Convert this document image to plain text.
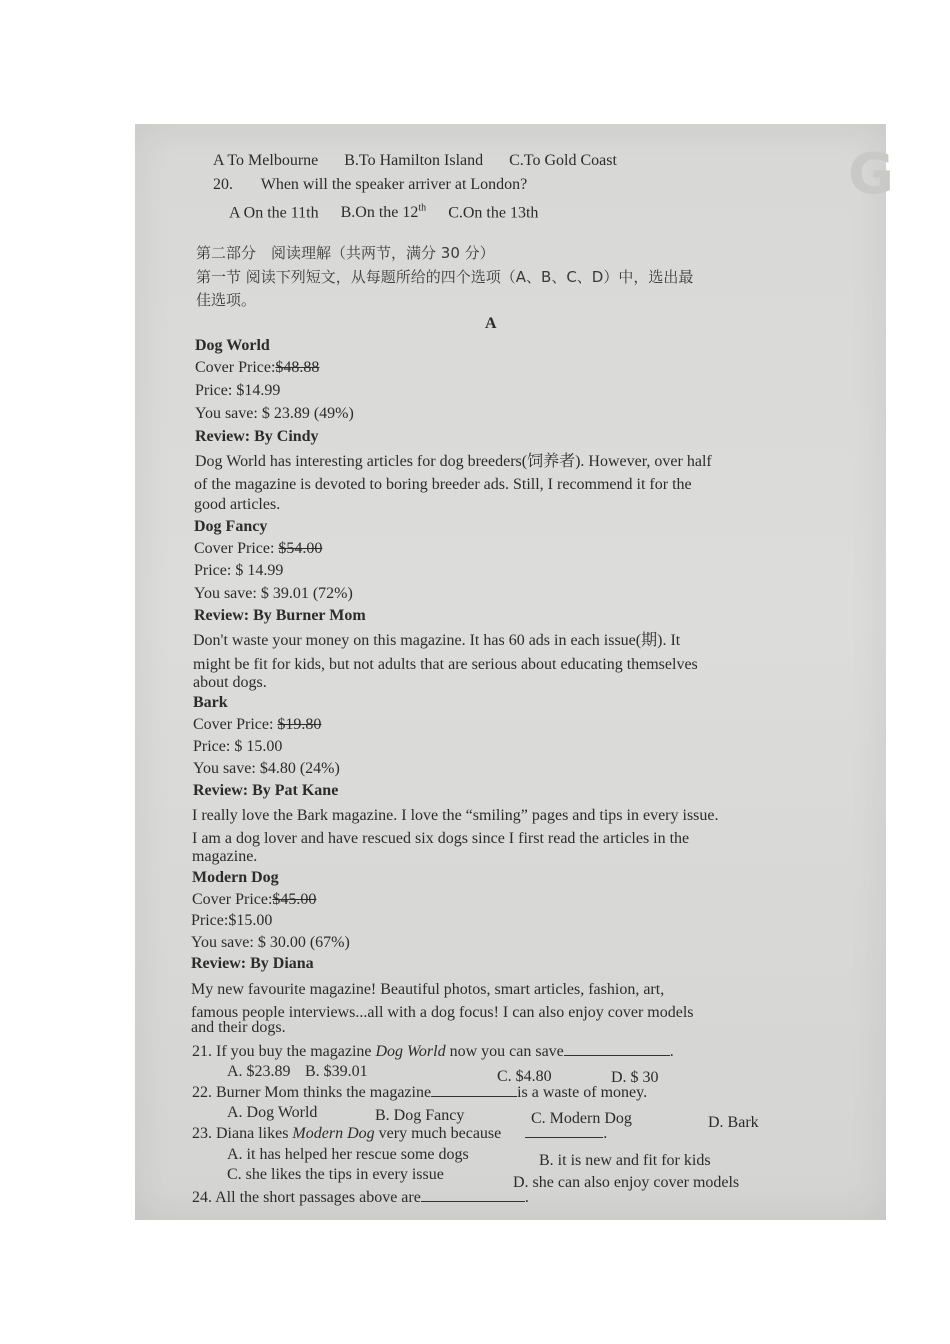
G
A To Melbourne B.To Hamilton Island C.To Gold Coast
20. When will the speaker arriver at London?
A On the 11th B.On the 12th C.On the 13th
第二部分　阅读理解（共两节，满分 30 分）
第一节 阅读下列短文，从每题所给的四个选项（A、B、C、D）中，选出最
佳选项。
A
Dog World
Cover Price:$48.88
Price: $14.99
You save: $ 23.89 (49%)
Review: By Cindy
Dog World has interesting articles for dog breeders(饲养者). However, over half
of the magazine is devoted to boring breeder ads. Still, I recommend it for the
good articles.
Dog Fancy
Cover Price: $54.00
Price: $ 14.99
You save: $ 39.01 (72%)
Review: By Burner Mom
Don't waste your money on this magazine. It has 60 ads in each issue(期). It
might be fit for kids, but not adults that are serious about educating themselves
about dogs.
Bark
Cover Price: $19.80
Price: $ 15.00
You save: $4.80 (24%)
Review: By Pat Kane
I really love the Bark magazine. I love the “smiling” pages and tips in every issue.
I am a dog lover and have rescued six dogs since I first read the articles in the
magazine.
Modern Dog
Cover Price:$45.00
Price:$15.00
You save: $ 30.00 (67%)
Review: By Diana
My new favourite magazine! Beautiful photos, smart articles, fashion, art,
famous people interviews...all with a dog focus! I can also enjoy cover models
and their dogs.
21. If you buy the magazine Dog World now you can save	.
A. $23.89 B. $39.01	C. $4.80	D. $ 30
22. Burner Mom thinks the magazine	is a waste of money.
A. Dog World	B. Dog Fancy	C. Modern Dog	D. Bark
23. Diana likes Modern Dog very much because	.
A. it has helped her rescue some dogs	B. it is new and fit for kids
C. she likes the tips in every issue	D. she can also enjoy cover models
24. All the short passages above are	.
